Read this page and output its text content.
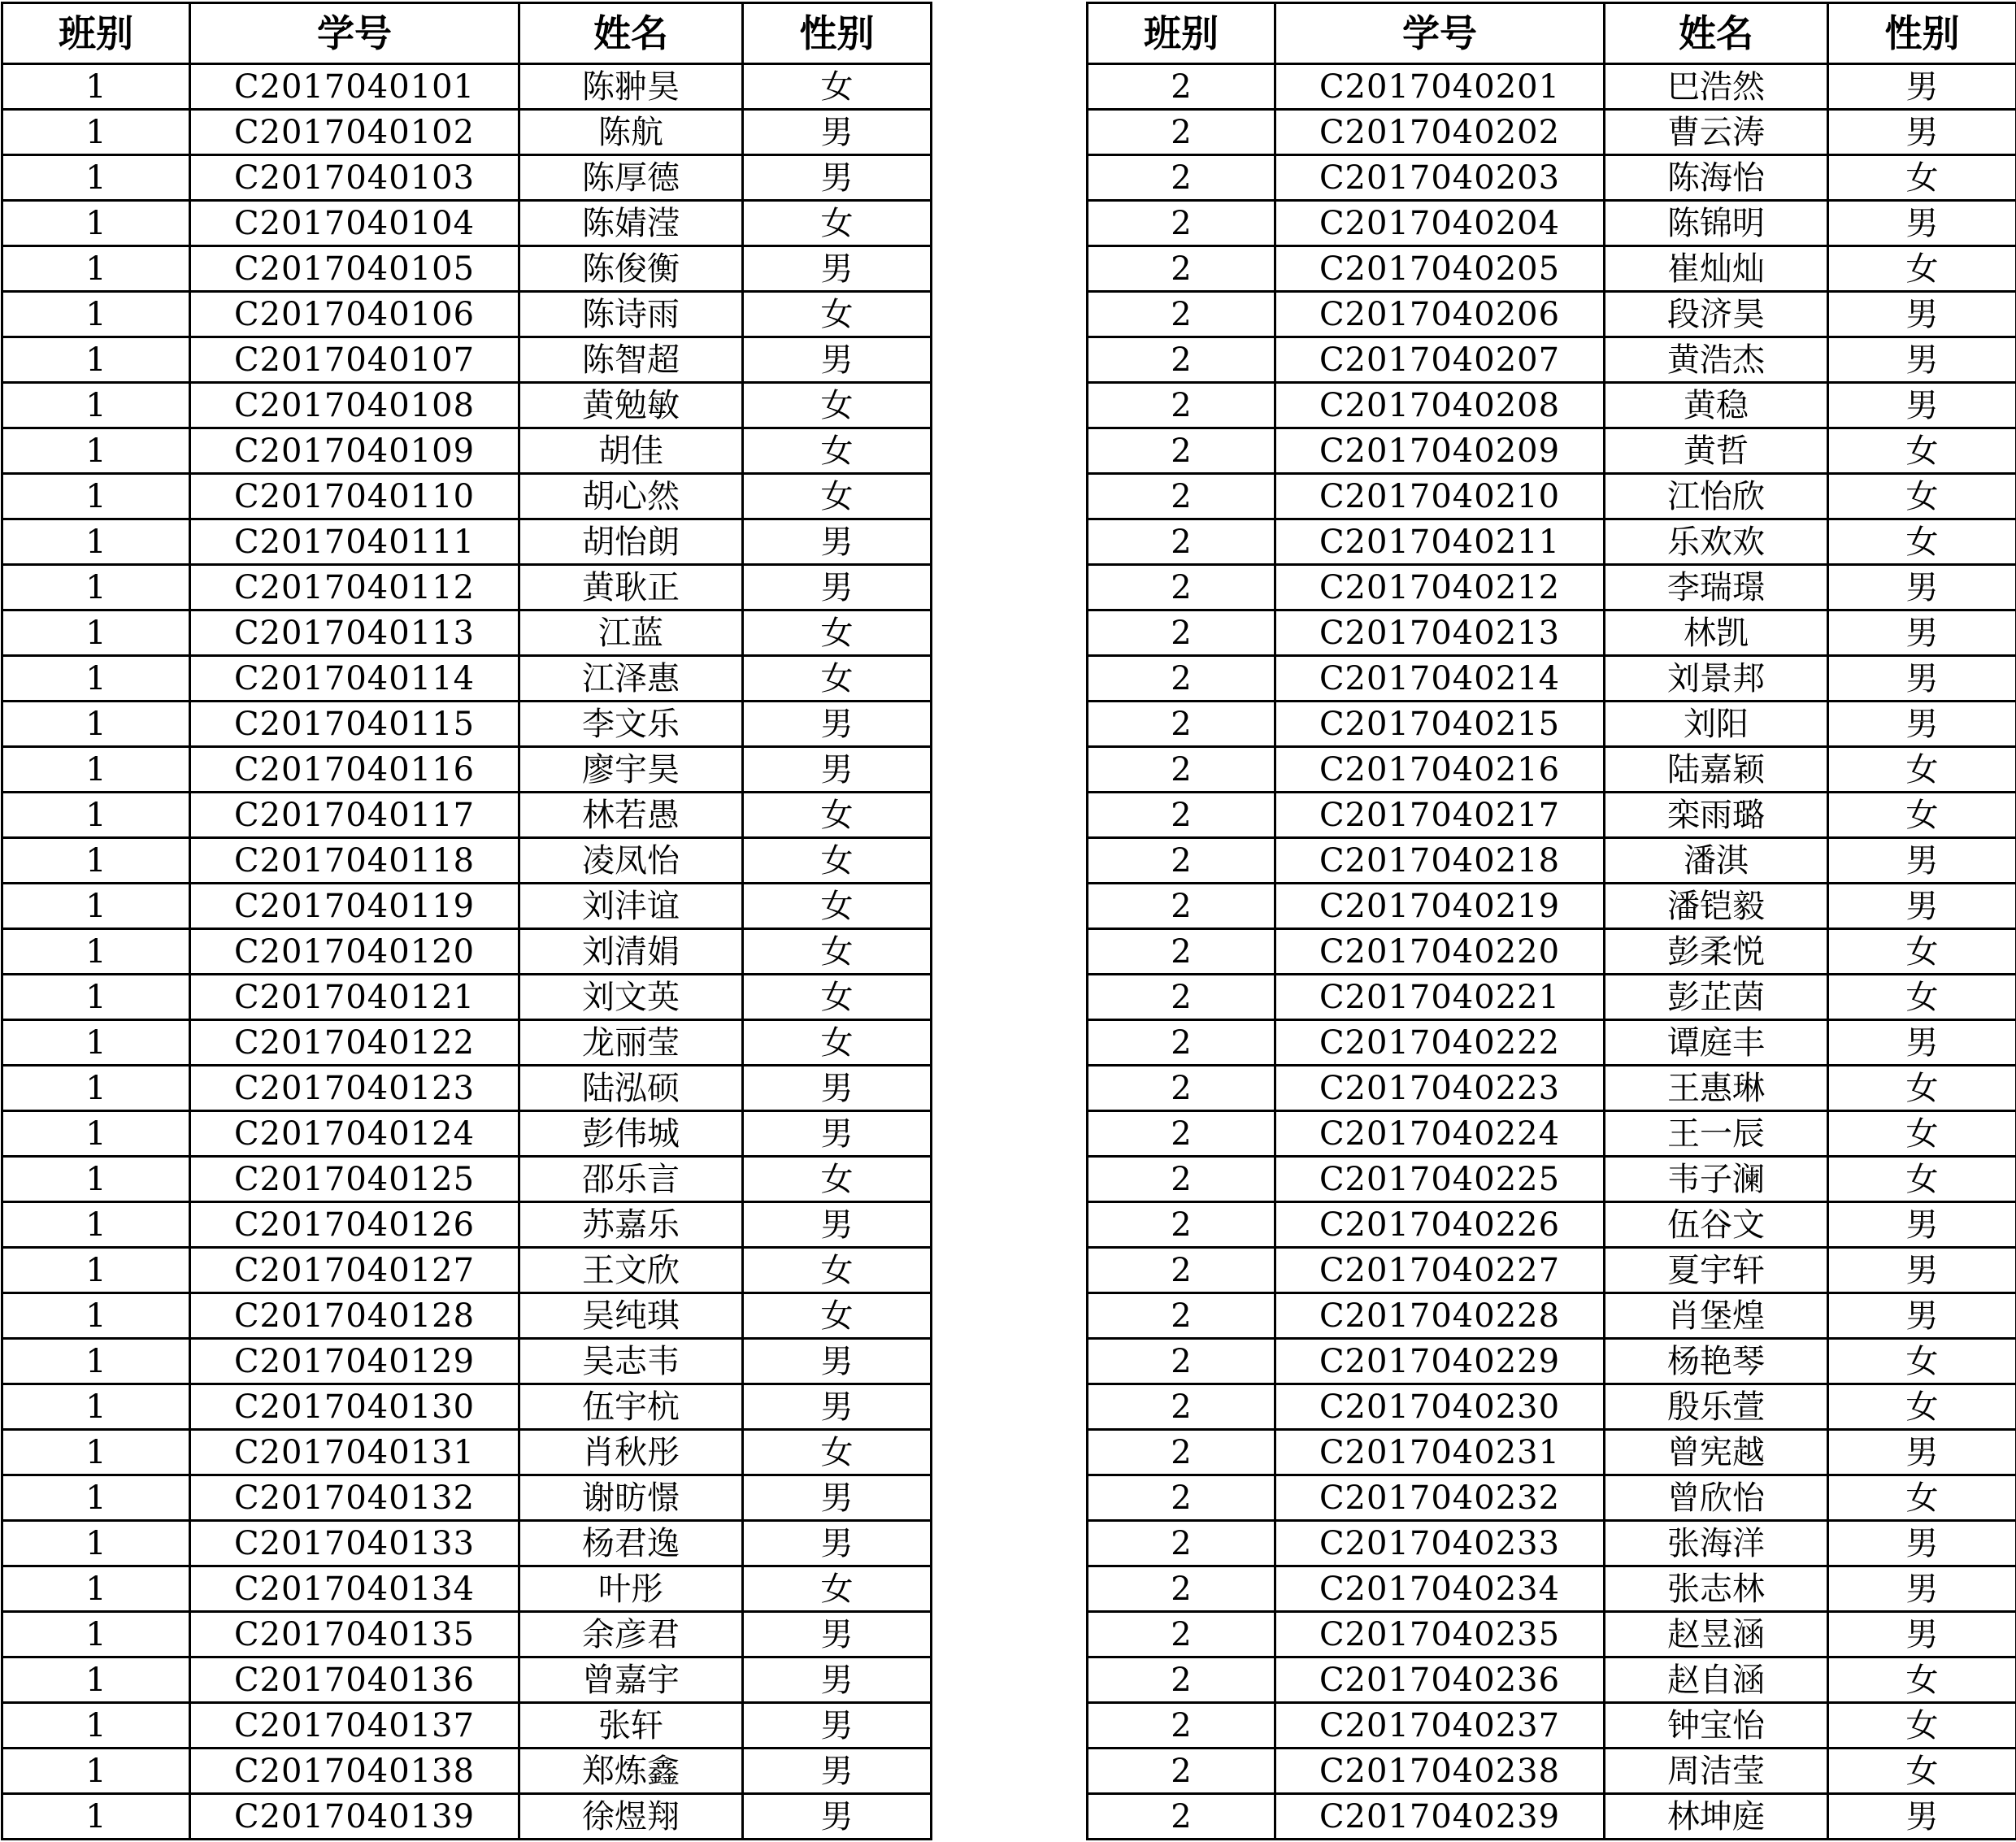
班别	学号	姓名	性别
1	C2017040101	陈翀昊	女
1	C2017040102	陈航	男
1	C2017040103	陈厚德	男
1	C2017040104	陈婧滢	女
1	C2017040105	陈俊衡	男
1	C2017040106	陈诗雨	女
1	C2017040107	陈智超	男
1	C2017040108	黄勉敏	女
1	C2017040109	胡佳	女
1	C2017040110	胡心然	女
1	C2017040111	胡怡朗	男
1	C2017040112	黄耿正	男
1	C2017040113	江蓝	女
1	C2017040114	江泽惠	女
1	C2017040115	李文乐	男
1	C2017040116	廖宇昊	男
1	C2017040117	林若愚	女
1	C2017040118	凌凤怡	女
1	C2017040119	刘沣谊	女
1	C2017040120	刘清娟	女
1	C2017040121	刘文英	女
1	C2017040122	龙丽莹	女
1	C2017040123	陆泓硕	男
1	C2017040124	彭伟城	男
1	C2017040125	邵乐言	女
1	C2017040126	苏嘉乐	男
1	C2017040127	王文欣	女
1	C2017040128	吴纯琪	女
1	C2017040129	吴志韦	男
1	C2017040130	伍宇杭	男
1	C2017040131	肖秋彤	女
1	C2017040132	谢昉憬	男
1	C2017040133	杨君逸	男
1	C2017040134	叶彤	女
1	C2017040135	余彦君	男
1	C2017040136	曾嘉宇	男
1	C2017040137	张轩	男
1	C2017040138	郑炼鑫	男
1	C2017040139	徐煜翔	男
班别	学号	姓名	性别
2	C2017040201	巴浩然	男
2	C2017040202	曹云涛	男
2	C2017040203	陈海怡	女
2	C2017040204	陈锦明	男
2	C2017040205	崔灿灿	女
2	C2017040206	段济昊	男
2	C2017040207	黄浩杰	男
2	C2017040208	黄稳	男
2	C2017040209	黄哲	女
2	C2017040210	江怡欣	女
2	C2017040211	乐欢欢	女
2	C2017040212	李瑞璟	男
2	C2017040213	林凯	男
2	C2017040214	刘景邦	男
2	C2017040215	刘阳	男
2	C2017040216	陆嘉颖	女
2	C2017040217	栾雨璐	女
2	C2017040218	潘淇	男
2	C2017040219	潘铠毅	男
2	C2017040220	彭柔悦	女
2	C2017040221	彭芷茵	女
2	C2017040222	谭庭丰	男
2	C2017040223	王惠琳	女
2	C2017040224	王一辰	女
2	C2017040225	韦子澜	女
2	C2017040226	伍谷文	男
2	C2017040227	夏宇轩	男
2	C2017040228	肖堡煌	男
2	C2017040229	杨艳琴	女
2	C2017040230	殷乐萱	女
2	C2017040231	曾宪越	男
2	C2017040232	曾欣怡	女
2	C2017040233	张海洋	男
2	C2017040234	张志林	男
2	C2017040235	赵昱涵	男
2	C2017040236	赵自涵	女
2	C2017040237	钟宝怡	女
2	C2017040238	周洁莹	女
2	C2017040239	林坤庭	男
